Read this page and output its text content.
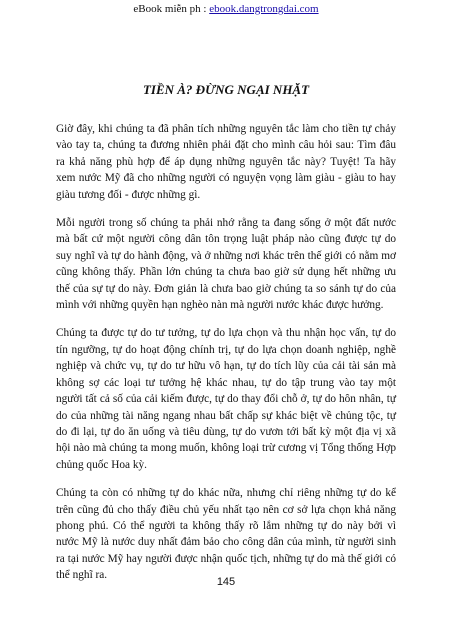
eBook miễn ph : ebook.dangtrongdai.com
TIỀN À? ĐỪNG NGẠI NHẶT

Giờ đây, khi chúng ta đã phân tích những nguyên tắc làm cho tiền tự chảy vào tay ta, chúng ta đương nhiên phải đặt cho mình câu hỏi sau: Tìm đâu ra khả năng phù hợp để áp dụng những nguyên tắc này? Tuyệt! Ta hãy xem nước Mỹ đã cho những người có nguyện vọng làm giàu - giàu to hay giàu tương đối - được những gì.

Mỗi người trong số chúng ta phải nhớ rằng ta đang sống ở một đất nước mà bất cứ một người công dân tôn trọng luật pháp nào cũng được tự do suy nghĩ và tự do hành động, và ở những nơi khác trên thế giới có nằm mơ cũng không thấy. Phần lớn chúng ta chưa bao giờ sử dụng hết những ưu thế của sự tự do này. Đơn giản là chưa bao giờ chúng ta so sánh tự do của mình với những quyền hạn nghèo nàn mà người nước khác được hưởng.

Chúng ta được tự do tư tưởng, tự do lựa chọn và thu nhận học vấn, tự do tín ngưỡng, tự do hoạt động chính trị, tự do lựa chọn doanh nghiệp, nghề nghiệp và chức vụ, tự do tư hữu vô hạn, tự do tích lũy của cải tài sản mà không sợ các loại tư tưởng hệ khác nhau, tự do tập trung vào tay một người tất cả số của cải kiếm được, tự do thay đổi chỗ ở, tự do hôn nhân, tự do của những tài năng ngang nhau bất chấp sự khác biệt về chủng tộc, tự do đi lại, tự do ăn uống và tiêu dùng, tự do vươn tới bất kỳ một địa vị xã hội nào mà chúng ta mong muốn, không loại trừ cương vị Tổng thống Hợp chủng quốc Hoa kỳ.

Chúng ta còn có những tự do khác nữa, nhưng chỉ riêng những tự do kể trên cũng đủ cho thấy điều chủ yếu nhất tạo nên cơ sở lựa chọn khả năng phong phú. Có thể người ta không thấy rõ lắm những tự do này bởi vì nước Mỹ là nước duy nhất đảm bảo cho công dân của mình, từ người sinh ra tại nước Mỹ hay người được nhận quốc tịch, những tự do mà thế giới có thể nghĩ ra.

145
